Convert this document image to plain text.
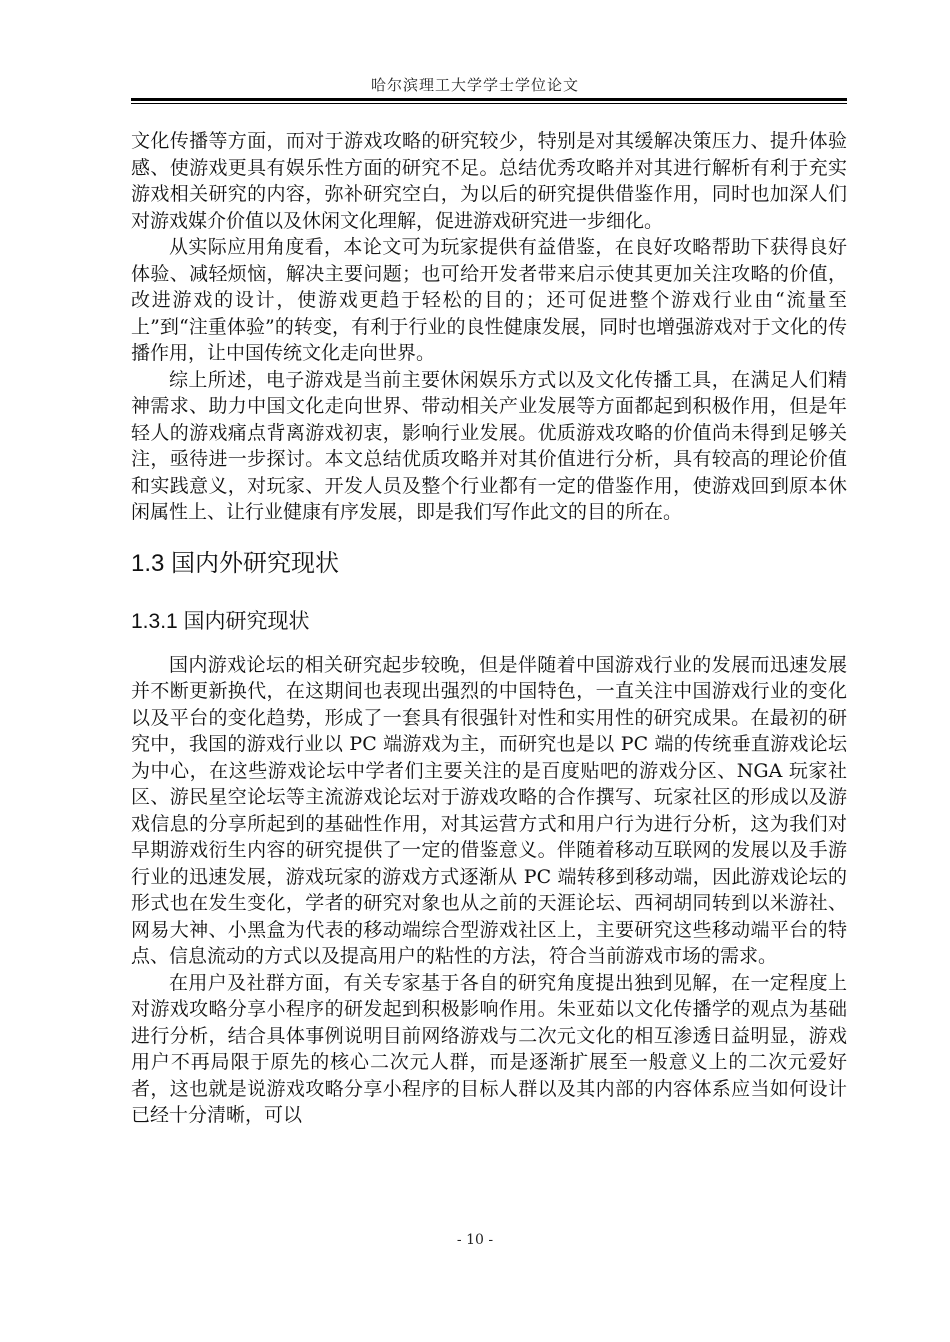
哈尔滨理工大学学士学位论文

文化传播等方面，而对于游戏攻略的研究较少，特别是对其缓解决策压力、提升体验感、使游戏更具有娱乐性方面的研究不足。总结优秀攻略并对其进行解析有利于充实游戏相关研究的内容，弥补研究空白，为以后的研究提供借鉴作用，同时也加深人们对游戏媒介价值以及休闲文化理解，促进游戏研究进一步细化。

从实际应用角度看，本论文可为玩家提供有益借鉴，在良好攻略帮助下获得良好体验、减轻烦恼，解决主要问题；也可给开发者带来启示使其更加关注攻略的价值，改进游戏的设计，使游戏更趋于轻松的目的；还可促进整个游戏行业由“流量至上”到“注重体验”的转变，有利于行业的良性健康发展，同时也增强游戏对于文化的传播作用，让中国传统文化走向世界。

综上所述，电子游戏是当前主要休闲娱乐方式以及文化传播工具，在满足人们精神需求、助力中国文化走向世界、带动相关产业发展等方面都起到积极作用，但是年轻人的游戏痛点背离游戏初衷，影响行业发展。优质游戏攻略的价值尚未得到足够关注，亟待进一步探讨。本文总结优质攻略并对其价值进行分析，具有较高的理论价值和实践意义，对玩家、开发人员及整个行业都有一定的借鉴作用，使游戏回到原本休闲属性上、让行业健康有序发展，即是我们写作此文的目的所在。

1.3 国内外研究现状
1.3.1 国内研究现状

国内游戏论坛的相关研究起步较晚，但是伴随着中国游戏行业的发展而迅速发展并不断更新换代，在这期间也表现出强烈的中国特色，一直关注中国游戏行业的变化以及平台的变化趋势，形成了一套具有很强针对性和实用性的研究成果。在最初的研究中，我国的游戏行业以 PC 端游戏为主，而研究也是以 PC 端的传统垂直游戏论坛为中心，在这些游戏论坛中学者们主要关注的是百度贴吧的游戏分区、NGA 玩家社区、游民星空论坛等主流游戏论坛对于游戏攻略的合作撰写、玩家社区的形成以及游戏信息的分享所起到的基础性作用，对其运营方式和用户行为进行分析，这为我们对早期游戏衍生内容的研究提供了一定的借鉴意义。伴随着移动互联网的发展以及手游行业的迅速发展，游戏玩家的游戏方式逐渐从 PC 端转移到移动端，因此游戏论坛的形式也在发生变化，学者的研究对象也从之前的天涯论坛、西祠胡同转到以米游社、网易大神、小黑盒为代表的移动端综合型游戏社区上，主要研究这些移动端平台的特点、信息流动的方式以及提高用户的粘性的方法，符合当前游戏市场的需求。

在用户及社群方面，有关专家基于各自的研究角度提出独到见解，在一定程度上对游戏攻略分享小程序的研发起到积极影响作用。朱亚茹以文化传播学的观点为基础进行分析，结合具体事例说明目前网络游戏与二次元文化的相互渗透日益明显，游戏用户不再局限于原先的核心二次元人群，而是逐渐扩展至一般意义上的二次元爱好者，这也就是说游戏攻略分享小程序的目标人群以及其内部的内容体系应当如何设计已经十分清晰，可以

- 10 -
